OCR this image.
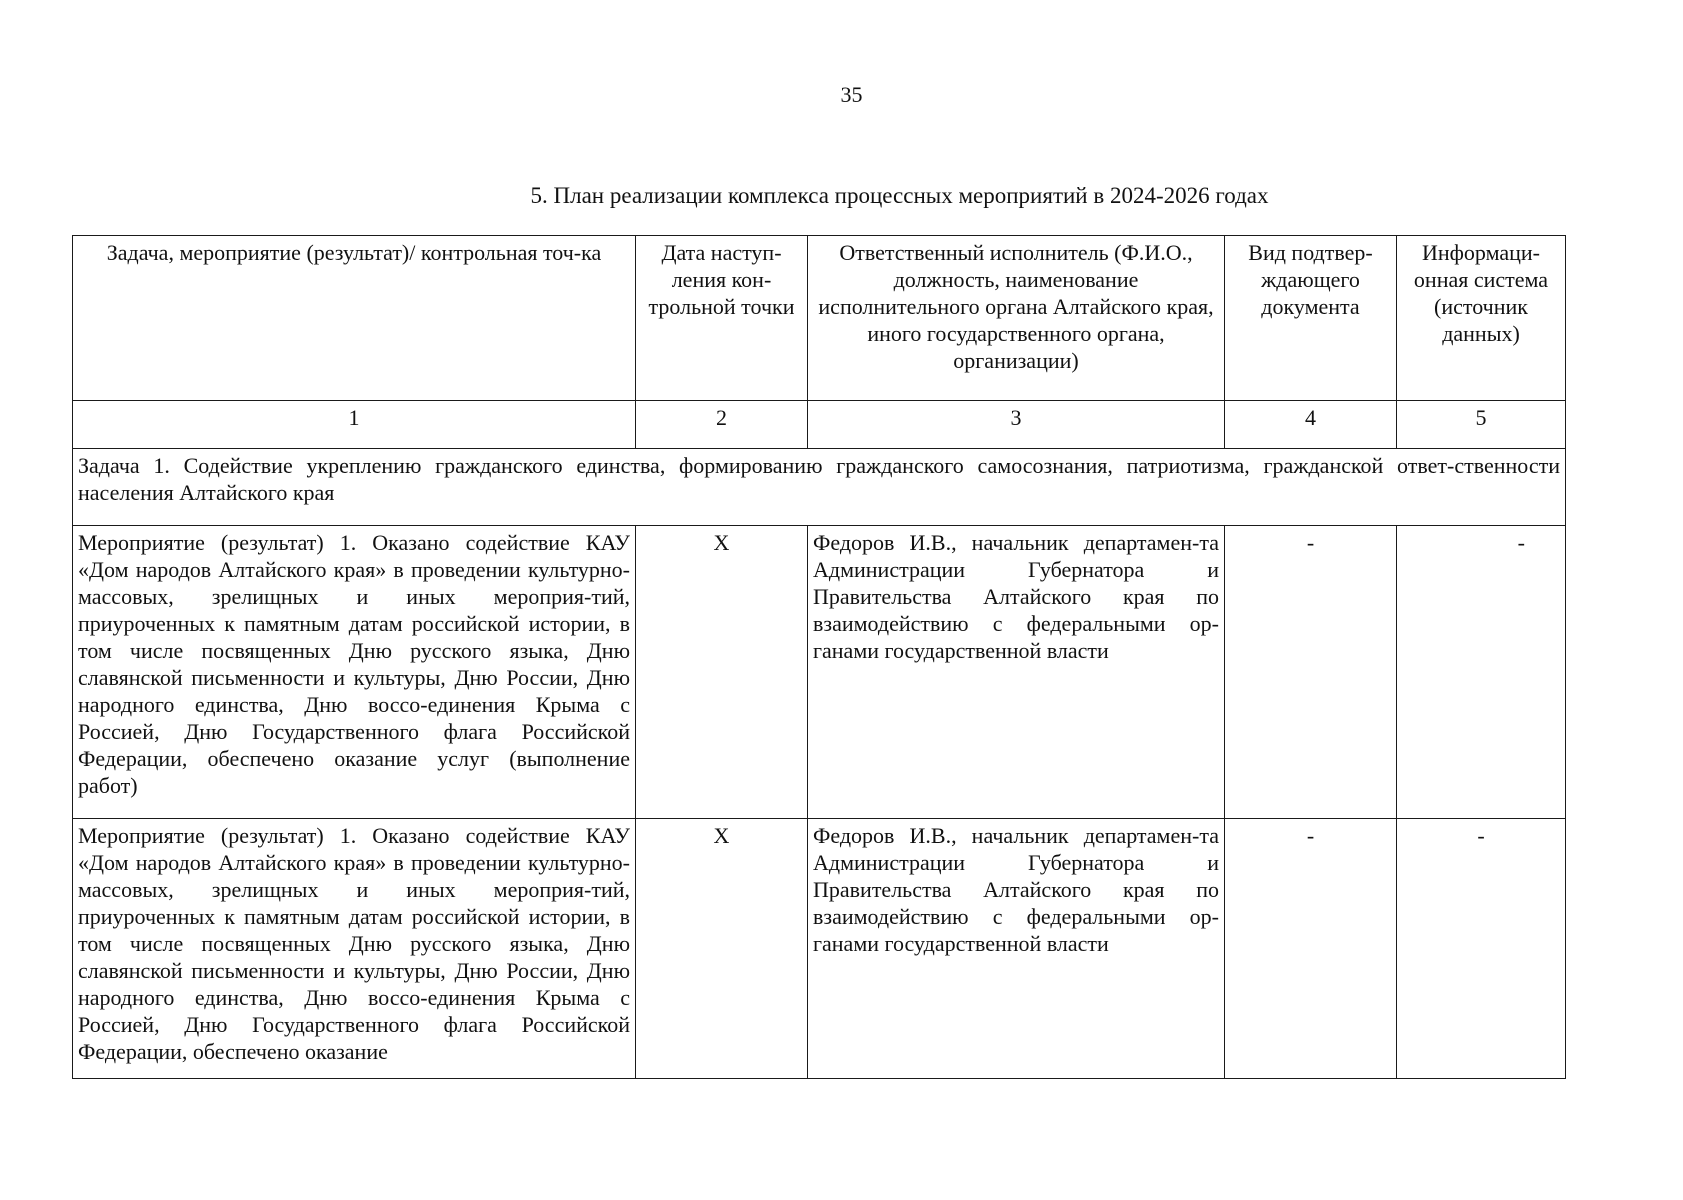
35
5. План реализации комплекса процессных мероприятий в 2024-2026 годах
Задача, мероприятие (результат)/ контрольная точ-ка	Дата наступ-ления кон-трольной точки	Ответственный исполнитель (Ф.И.О., должность, наименование исполнительного органа Алтайского края, иного государственного органа, организации)	Вид подтвер-ждающего документа	Информаци-онная система (источник данных)
1	2	3	4	5
Задача 1. Содействие укреплению гражданского единства, формированию гражданского самосознания, патриотизма, гражданской ответ-ственности населения Алтайского края				
Мероприятие (результат) 1. Оказано содействие КАУ «Дом народов Алтайского края» в проведении культурно-массовых, зрелищных и иных мероприя-тий, приуроченных к памятным датам российской истории, в том числе посвященных Дню русского языка, Дню славянской письменности и культуры, Дню России, Дню народного единства, Дню воссо-единения Крыма с Россией, Дню Государственного флага Российской Федерации, обеспечено оказание услуг (выполнение работ)	X	Федоров И.В., начальник департамен-та Администрации Губернатора и Правительства Алтайского края по взаимодействию с федеральными ор-ганами государственной власти	-	-
Мероприятие (результат) 1. Оказано содействие КАУ «Дом народов Алтайского края» в проведении культурно-массовых, зрелищных и иных мероприя-тий, приуроченных к памятным датам российской истории, в том числе посвященных Дню русского языка, Дню славянской письменности и культуры, Дню России, Дню народного единства, Дню воссо-единения Крыма с Россией, Дню Государственного флага Российской Федерации, обеспечено оказание	X	Федоров И.В., начальник департамен-та Администрации Губернатора и Правительства Алтайского края по взаимодействию с федеральными ор-ганами государственной власти	-	-
